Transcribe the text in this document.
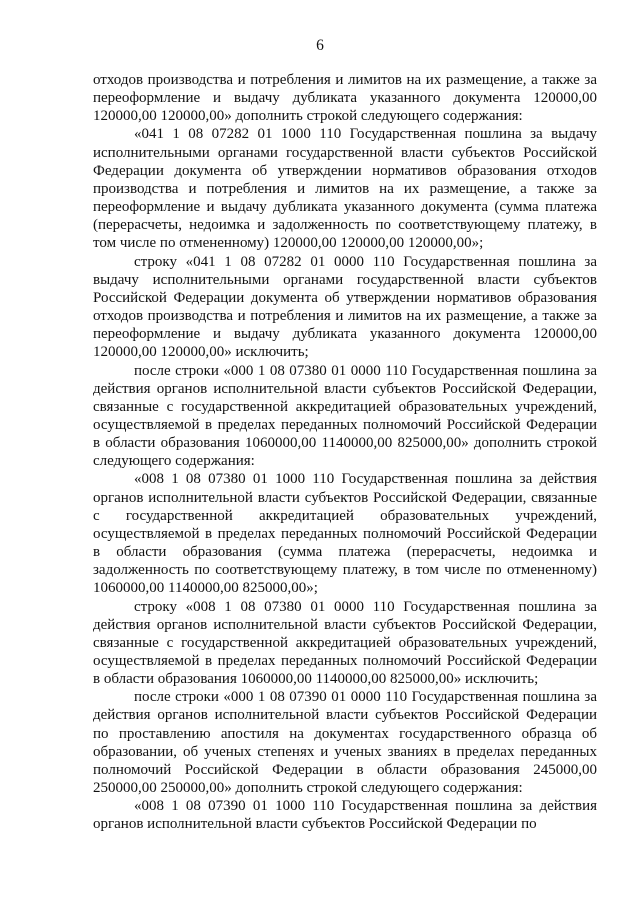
6

отходов производства и потребления и лимитов на их размещение, а также за переоформление и выдачу дубликата указанного документа 120000,00 120000,00 120000,00» дополнить строкой следующего содержания:

«041 1 08 07282 01 1000 110 Государственная пошлина за выдачу исполнительными органами государственной власти субъектов Российской Федерации документа об утверждении нормативов образования отходов производства и потребления и лимитов на их размещение, а также за переоформление и выдачу дубликата указанного документа (сумма платежа (перерасчеты, недоимка и задолженность по соответствующему платежу, в том числе по отмененному) 120000,00 120000,00 120000,00»;

строку «041 1 08 07282 01 0000 110 Государственная пошлина за выдачу исполнительными органами государственной власти субъектов Российской Федерации документа об утверждении нормативов образования отходов производства и потребления и лимитов на их размещение, а также за переоформление и выдачу дубликата указанного документа 120000,00 120000,00 120000,00» исключить;

после строки «000 1 08 07380 01 0000 110 Государственная пошлина за действия органов исполнительной власти субъектов Российской Федерации, связанные с государственной аккредитацией образовательных учреждений, осуществляемой в пределах переданных полномочий Российской Федерации в области образования 1060000,00 1140000,00 825000,00» дополнить строкой следующего содержания:

«008 1 08 07380 01 1000 110 Государственная пошлина за действия органов исполнительной власти субъектов Российской Федерации, связанные с государственной аккредитацией образовательных учреждений, осуществляемой в пределах переданных полномочий Российской Федерации в области образования (сумма платежа (перерасчеты, недоимка и задолженность по соответствующему платежу, в том числе по отмененному) 1060000,00 1140000,00 825000,00»;

строку «008 1 08 07380 01 0000 110 Государственная пошлина за действия органов исполнительной власти субъектов Российской Федерации, связанные с государственной аккредитацией образовательных учреждений, осуществляемой в пределах переданных полномочий Российской Федерации в области образования 1060000,00 1140000,00 825000,00» исключить;

после строки «000 1 08 07390 01 0000 110 Государственная пошлина за действия органов исполнительной власти субъектов Российской Федерации по проставлению апостиля на документах государственного образца об образовании, об ученых степенях и ученых званиях в пределах переданных полномочий Российской Федерации в области образования 245000,00 250000,00 250000,00» дополнить строкой следующего содержания:

«008 1 08 07390 01 1000 110 Государственная пошлина за действия органов исполнительной власти субъектов Российской Федерации по
